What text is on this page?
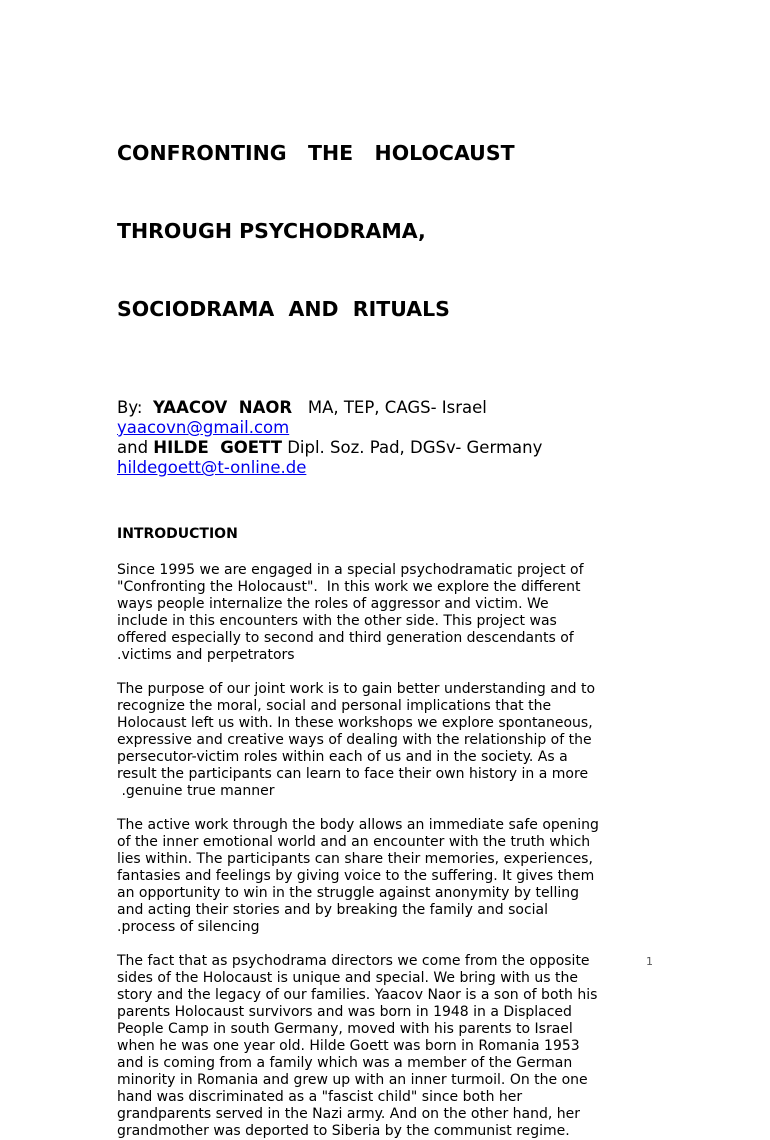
CONFRONTING   THE   HOLOCAUST

THROUGH PSYCHODRAMA,

SOCIODRAMA  AND  RITUALS

By:  YAACOV  NAOR   MA, TEP, CAGS- Israel
yaacovn@gmail.com
and HILDE  GOETT Dipl. Soz. Pad, DGSv- Germany
hildegoett@t-online.de
INTRODUCTION
Since 1995 we are engaged in a special psychodramatic project of
"Confronting the Holocaust".  In this work we explore the different
ways people internalize the roles of aggressor and victim. We
include in this encounters with the other side. This project was
offered especially to second and third generation descendants of
.victims and perpetrators
The purpose of our joint work is to gain better understanding and to
recognize the moral, social and personal implications that the
Holocaust left us with. In these workshops we explore spontaneous,
expressive and creative ways of dealing with the relationship of the
persecutor-victim roles within each of us and in the society. As a
result the participants can learn to face their own history in a more
.genuine true manner
The active work through the body allows an immediate safe opening
of the inner emotional world and an encounter with the truth which
lies within. The participants can share their memories, experiences,
fantasies and feelings by giving voice to the suffering. It gives them
an opportunity to win in the struggle against anonymity by telling
and acting their stories and by breaking the family and social
.process of silencing
The fact that as psychodrama directors we come from the opposite
sides of the Holocaust is unique and special. We bring with us the
story and the legacy of our families. Yaacov Naor is a son of both his
parents Holocaust survivors and was born in 1948 in a Displaced
People Camp in south Germany, moved with his parents to Israel
when he was one year old. Hilde Goett was born in Romania 1953
and is coming from a family which was a member of the German
minority in Romania and grew up with an inner turmoil. On the one
hand was discriminated as a "fascist child" since both her
grandparents served in the Nazi army. And on the other hand, her
grandmother was deported to Siberia by the communist regime.
1
